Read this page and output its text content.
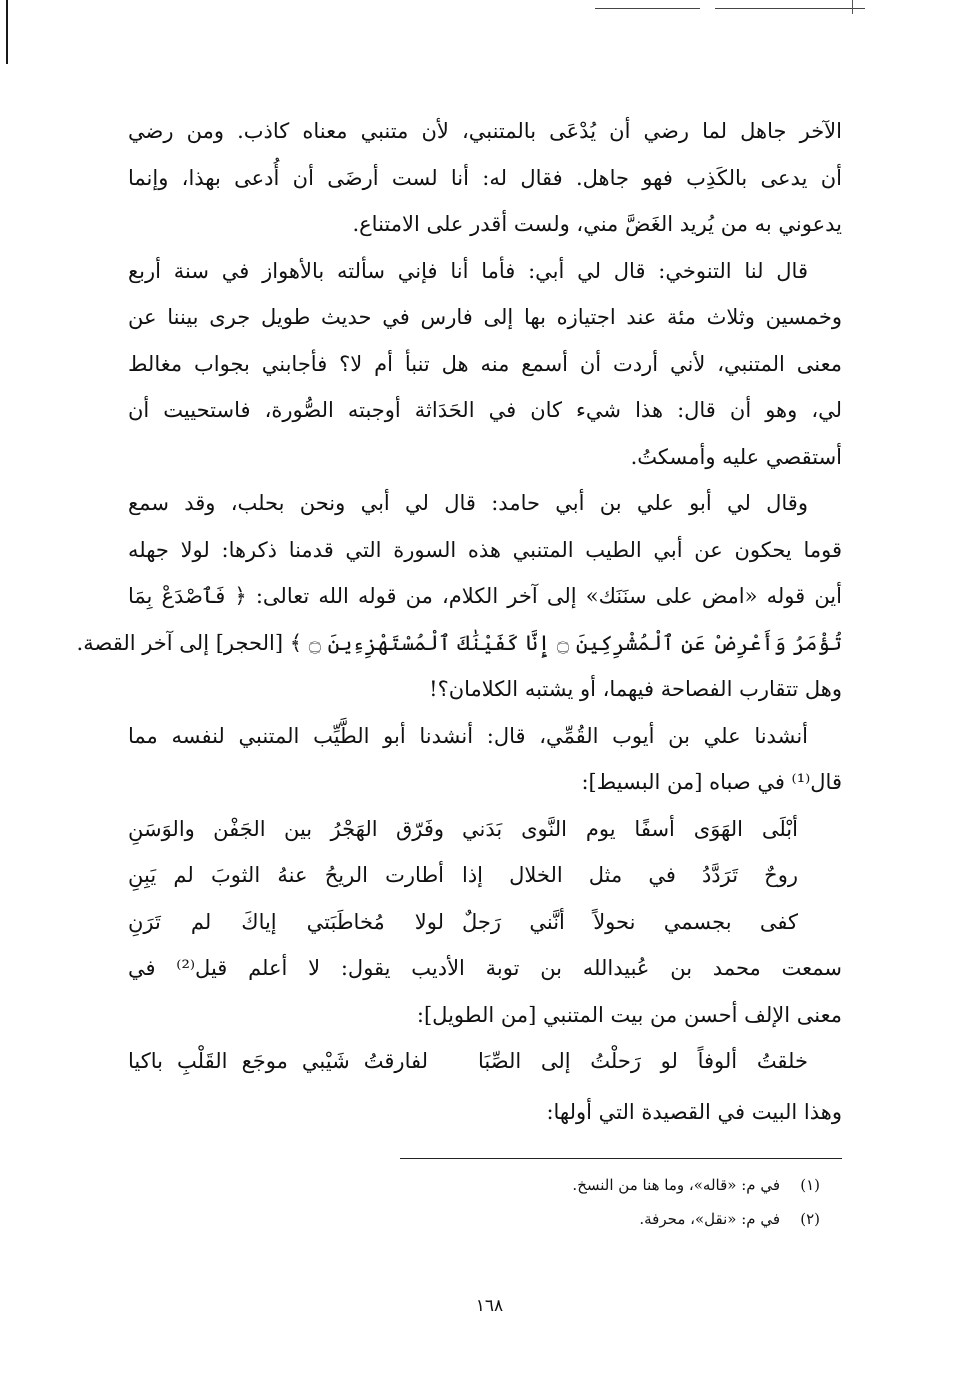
الآخر جاهل لما رضي أن يُدْعَى بالمتنبي، لأن متنبي معناه كاذب. ومن رضي
أن يدعى بالكَذِب فهو جاهل. فقال له: أنا لست أرضَى أن أُدعى بهذا، وإنما
يدعوني به من يُريد الغَضَّ مني، ولست أقدر على الامتناع.
قال لنا التنوخي: قال لي أبي: فأما أنا فإني سألته بالأهواز في سنة أربع
وخمسين وثلاث مئة عند اجتيازه بها إلى فارس في حديث طويل جرى بيننا عن
معنى المتنبي، لأني أردت أن أسمع منه هل تنبأ أم لا؟ فأجابني بجواب مغالط
لي، وهو أن قال: هذا شيء كان في الحَدَاثة أوجبته الصُّورة، فاستحييت أن
أستقصي عليه وأمسكتُ.
وقال لي أبو علي بن أبي حامد: قال لي أبي ونحن بحلب، وقد سمع
قوما يحكون عن أبي الطيب المتنبي هذه السورة التي قدمنا ذكرها: لولا جهله
أين قوله «امض على سنَنَك» إلى آخر الكلام، من قوله الله تعالى: ﴿ فَٱصْدَعْ بِمَا
تُؤْمَرُ وَأَعْرِضْ عَنِ ٱلْمُشْرِكِينَ ۝ إِنَّا كَفَيْنَٰكَ ٱلْمُسْتَهْزِءِينَ ۝ ﴾ [الحجر] إلى آخر القصة.
وهل تتقارب الفصاحة فيهما، أو يشتبه الكلامان؟!
أنشدنا علي بن أيوب القُمِّي، قال: أنشدنا أبو الطَّيِّب المتنبي لنفسه مما
قال⁽¹⁾ في صباه [من البسيط]:
أبْلَى الهَوَى أسفًا يوم النَّوى بَدَني
وفَرّق الهَجْرُ بين الجَفْن والوَسَنِ
روحٌ تَرَدَّدُ في مثل الخلال إذا
أطارت الريحُ عنهُ الثوبَ لم يَبِنِ
كفى بجسمي نحولاً أنَّني رَجلٌ
لولا مُخاطَبَتي إياكَ لم تَرَنِ
سمعت محمد بن عُبيدالله بن توبة الأديب يقول: لا أعلم قيل⁽²⁾ في
معنى الإلف أحسن من بيت المتنبي [من الطويل]:
خلقتُ ألوفاً لو رَحلْتُ إلى الصِّبَا
لفارقتُ شَيْبي موجَع القَلْبِ باكيا
وهذا البيت في القصيدة التي أولها:
(١)
في م: «قاله»، وما هنا من النسخ.
(٢)
في م: «نقل»، محرفة.
١٦٨
